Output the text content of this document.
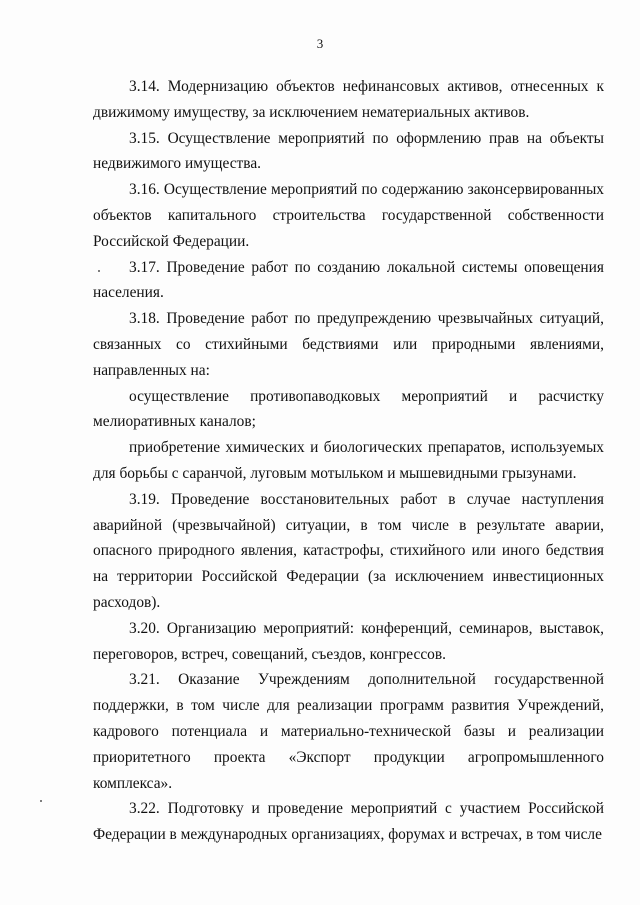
3

3.14. Модернизацию объектов нефинансовых активов, отнесенных к движимому имуществу, за исключением нематериальных активов.

3.15. Осуществление мероприятий по оформлению прав на объекты недвижимого имущества.

3.16. Осуществление мероприятий по содержанию законсервированных объектов капитального строительства государственной собственности Российской Федерации.

3.17. Проведение работ по созданию локальной системы оповещения населения.

3.18. Проведение работ по предупреждению чрезвычайных ситуаций, связанных со стихийными бедствиями или природными явлениями, направленных на:

осуществление противопаводковых мероприятий и расчистку мелиоративных каналов;

приобретение химических и биологических препаратов, используемых для борьбы с саранчой, луговым мотыльком и мышевидными грызунами.

3.19. Проведение восстановительных работ в случае наступления аварийной (чрезвычайной) ситуации, в том числе в результате аварии, опасного природного явления, катастрофы, стихийного или иного бедствия на территории Российской Федерации (за исключением инвестиционных расходов).

3.20. Организацию мероприятий: конференций, семинаров, выставок, переговоров, встреч, совещаний, съездов, конгрессов.

3.21. Оказание Учреждениям дополнительной государственной поддержки, в том числе для реализации программ развития Учреждений, кадрового потенциала и материально-технической базы и реализации приоритетного проекта «Экспорт продукции агропромышленного комплекса».

3.22. Подготовку и проведение мероприятий с участием Российской Федерации в международных организациях, форумах и встречах, в том числе
